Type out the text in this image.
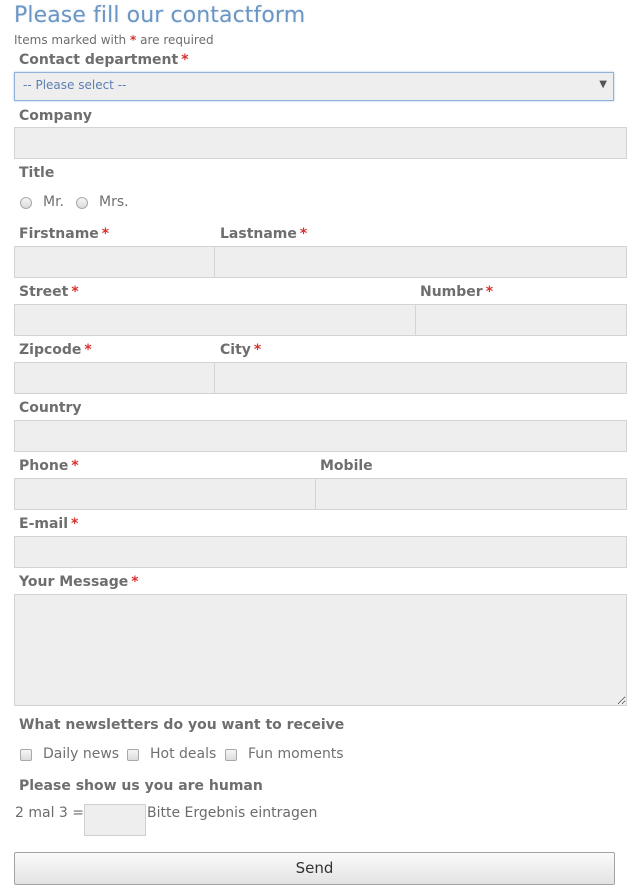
Please fill our contactform
Items marked with * are required
Contact department *
-- Please select --	▼
Company
Title
Mr.	Mrs.
Firstname *	Lastname *
Street *	Number *
Zipcode *	City *
Country
Phone *	Mobile
E-mail *
Your Message *
What newsletters do you want to receive
Daily news Hot deals Fun moments
Please show us you are human
2 mal 3 =	Bitte Ergebnis eintragen
Send
